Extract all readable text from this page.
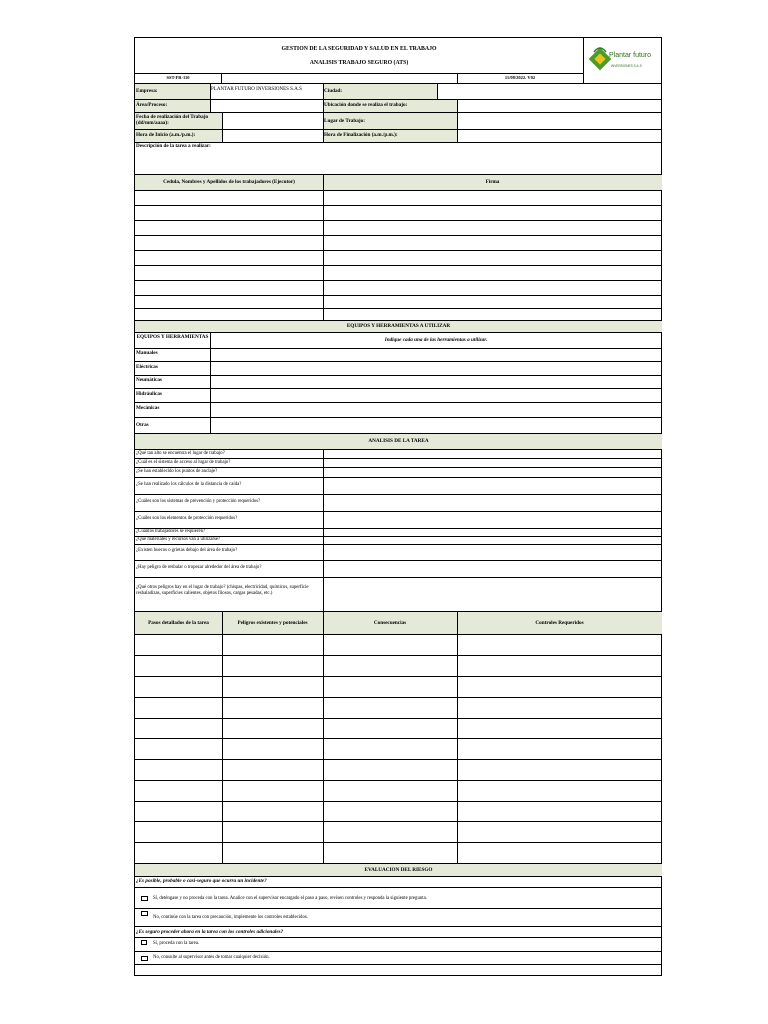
GESTION DE LA SEGURIDAD Y SALUD EN EL TRABAJO
ANALISIS TRABAJO SEGURO (ATS)
Plantar futuro
INVERSIONES S.A.S
SST-FR-110	11/08/2022. V02
Empresa:	PLANTAR FUTURO INVERSIONES S.A.S	Ciudad:
Área/Proceso:	Ubicación donde se realiza el trabajo:
Fecha de realización del Trabajo (dd/mm/aaaa):	Lugar de Trabajo:
Hora de Inicio (a.m./p.m.):	Hora de Finalización (a.m./p.m.):
Descripción de la tarea a realizar:
Cedula, Nombres y Apellidos de los trabajadores (Ejecutor)	Firma
EQUIPOS Y HERRAMIENTAS A UTILIZAR
EQUIPOS Y HERRAMIENTAS	Indique cada una de las herramientas a utilizar.
Manuales
Eléctricas
Neumáticas
Hidráulicas
Mecánicas
Otras
ANALISIS DE LA TAREA
¿Qué tan alto se encuentra el lugar de trabajo?
¿Cuál es el sistema de acceso al lugar de trabajo?
¿Se han establecido los puntos de anclaje?
¿Se han realizado los cálculos de la distancia de caída?
¿Cuáles son los sistemas de prevención y protección requeridos?
¿Cuáles son los elementos de protección requeridos?
¿Cuantos trabajadores se requieren?
¿Qué materiales y recursos van a utilizarse?
¿Existen huecos o grietas debajo del área de trabajo?
¿Hay peligro de resbalar o tropezar alrededor del área de trabajo?
¿Qué otros peligros hay en el lugar de trabajo? (chispas, electricidad, químicos, superficie resbaladizas, superficies calientes, objetos filosos, cargas pesadas, etc.)
Pasos detallados de la tarea	Peligros existentes y potenciales	Consecuencias	Controles Requeridos
EVALUACION DEL RIESGO
¿Es posible, probable o casi-seguro que ocurra un incidente?
Sí, deténgase y no proceda con la tarea. Analice con el supervisor encargado el paso a paso, revisen controles y responda la siguiente pregunta.
No, continúe con la tarea con precaución, implemente los controles establecidos.
¿Es seguro proceder ahora en la tarea con los controles adicionales?
Sí, proceda con la tarea.
No, consulte al supervisor antes de tomar cualquier decisión.
